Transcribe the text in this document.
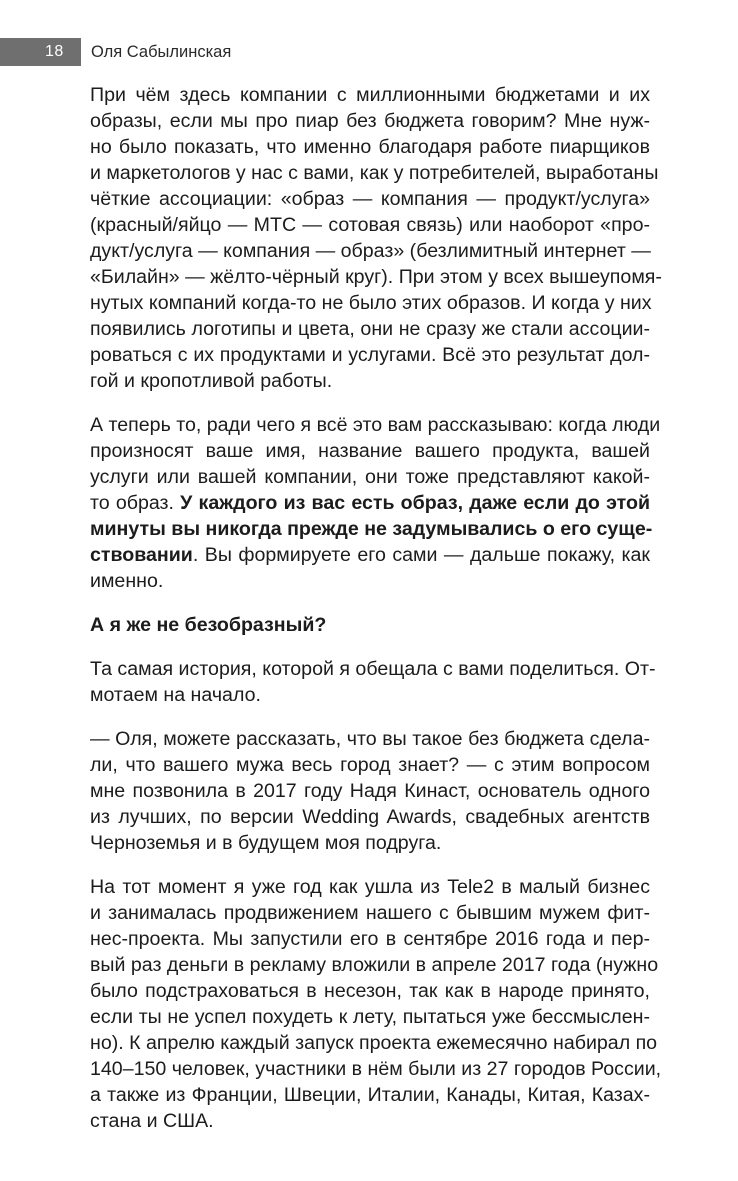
18 Оля Сабылинская
При чём здесь компании с миллионными бюджетами и их
образы, если мы про пиар без бюджета говорим? Мне нуж-
но было показать, что именно благодаря работе пиарщиков
и маркетологов у нас с вами, как у потребителей, выработаны
чёткие ассоциации: «образ — компания — продукт/услуга»
(красный/яйцо — МТС — сотовая связь) или наоборот «про-
дукт/услуга — компания — образ» (безлимитный интернет —
«Билайн» — жёлто-чёрный круг). При этом у всех вышеупомя-
нутых компаний когда-то не было этих образов. И когда у них
появились логотипы и цвета, они не сразу же стали ассоции-
роваться с их продуктами и услугами. Всё это результат дол-
гой и кропотливой работы.
А теперь то, ради чего я всё это вам рассказываю: когда люди
произносят ваше имя, название вашего продукта, вашей
услуги или вашей компании, они тоже представляют какой-
то образ. У каждого из вас есть образ, даже если до этой
минуты вы никогда прежде не задумывались о его суще-
ствовании. Вы формируете его сами — дальше покажу, как
именно.
А я же не безобразный?
Та самая история, которой я обещала с вами поделиться. От-
мотаем на начало.
— Оля, можете рассказать, что вы такое без бюджета сдела-
ли, что вашего мужа весь город знает? — с этим вопросом
мне позвонила в 2017 году Надя Кинаст, основатель одного
из лучших, по версии Wedding Awards, свадебных агентств
Черноземья и в будущем моя подруга.
На тот момент я уже год как ушла из Tele2 в малый бизнес
и занималась продвижением нашего с бывшим мужем фит-
нес-проекта. Мы запустили его в сентябре 2016 года и пер-
вый раз деньги в рекламу вложили в апреле 2017 года (нужно
было подстраховаться в несезон, так как в народе принято,
если ты не успел похудеть к лету, пытаться уже бессмыслен-
но). К апрелю каждый запуск проекта ежемесячно набирал по
140–150 человек, участники в нём были из 27 городов России,
а также из Франции, Швеции, Италии, Канады, Китая, Казах-
стана и США.
